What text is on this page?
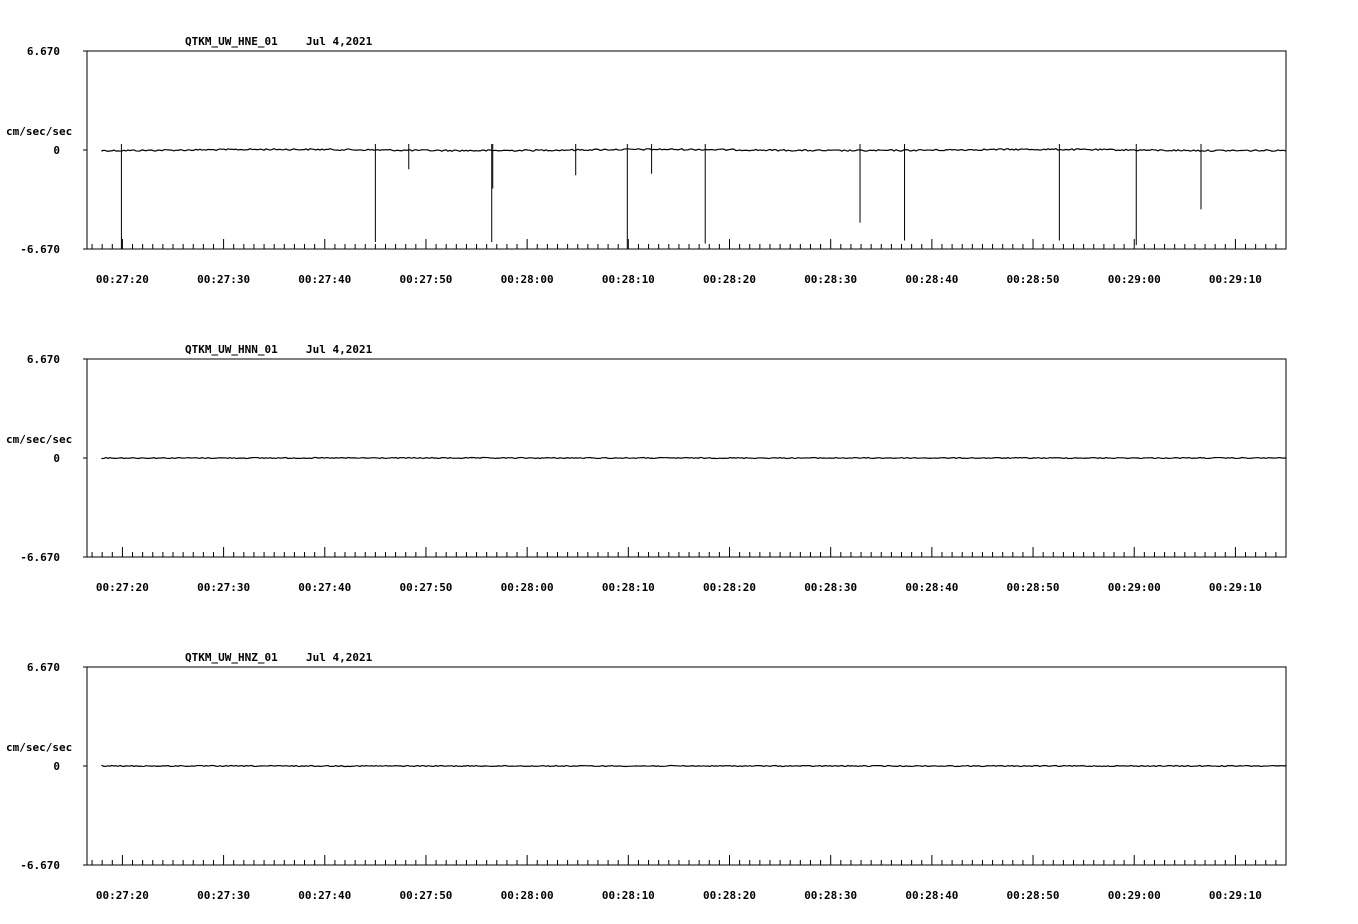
6.670
0
-6.670
cm/sec/sec
QTKM_UW_HNE_01	Jul 4,2021
00:27:20	00:27:30	00:27:40	00:27:50	00:28:00	00:28:10	00:28:20	00:28:30	00:28:40	00:28:50	00:29:00	00:29:10
6.670
0
-6.670
cm/sec/sec
QTKM_UW_HNN_01	Jul 4,2021
00:27:20	00:27:30	00:27:40	00:27:50	00:28:00	00:28:10	00:28:20	00:28:30	00:28:40	00:28:50	00:29:00	00:29:10
6.670
0
-6.670
cm/sec/sec
QTKM_UW_HNZ_01	Jul 4,2021
00:27:20	00:27:30	00:27:40	00:27:50	00:28:00	00:28:10	00:28:20	00:28:30	00:28:40	00:28:50	00:29:00	00:29:10
